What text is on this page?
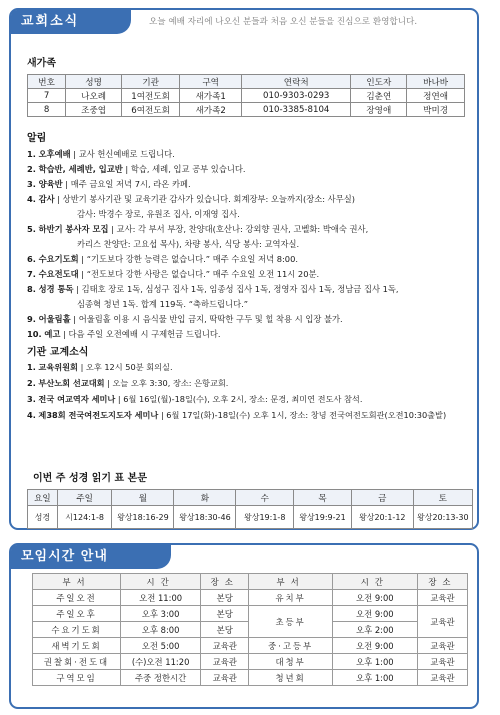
교회소식	오늘 예배 자리에 나오신 분들과 처음 오신 분들을 진심으로 환영합니다.
새가족
번호	성명	기관	구역	연락처	인도자	바나바
7	나오례	1여전도회	새가족1	010-9303-0293	김춘연	정연애
8	조중엽	6여전도회	새가족2	010-3385-8104	장영애	박미경
알림
1. 오후예배 | 교사 헌신예배로 드립니다.
2. 학습반, 세례반, 입교반 | 학습, 세례, 입교 공부 있습니다.
3. 양육반 | 매주 금요일 저녁 7시, 라온 카페.
4. 감사 | 상반기 봉사기관 및 교육기관 감사가 있습니다. 회계장부: 오늘까지(장소: 사무실)
감사: 박경수 장로, 유원조 집사, 이재영 집사.
5. 하반기 봉사자 모집 | 교사: 각 부서 부장, 찬양대(호산나: 강외향 권사, 고벨화: 박애숙 권사,
카리스 찬양단: 고요섭 목사), 차량 봉사, 식당 봉사: 교역자실.
6. 수요기도회 | “기도보다 강한 능력은 없습니다.” 매주 수요일 저녁 8:00.
7. 수요전도대 | “전도보다 강한 사랑은 없습니다.” 매주 수요일 오전 11시 20분.
8. 성경 통독 | 김태호 장로 1독, 심성구 집사 1독, 임종성 집사 1독, 정영자 집사 1독, 정남금 집사 1독,
심종혁 청년 1독. 합계 119독. “축하드립니다.”
9. 어울림홀 | 어울림홀 이용 시 음식물 반입 금지, 딱딱한 구두 및 힐 착용 시 입장 불가.
10. 예고 | 다음 주일 오전예배 시 구제헌금 드립니다.
기관 교계소식
1. 교육위원회 | 오후 12시 50분 회의실.
2. 부산노회 선교대회 | 오늘 오후 3:30, 장소: 은항교회.
3. 전국 여교역자 세미나 | 6월 16일(월)-18일(수), 오후 2시, 장소: 문경, 최미연 전도사 참석.
4. 제38회 전국여전도지도자 세미나 | 6월 17일(화)-18일(수) 오후 1시, 장소: 창녕 전국여전도회관(오전10:30출발)
이번 주 성경 읽기 표 본문
요일	주일	월	화	수	목	금	토
성경	시124:1-8	왕상18:16-29	왕상18:30-46	왕상19:1-8	왕상19:9-21	왕상20:1-12	왕상20:13-30
모임시간 안내
부서	시간	장소	부서	시간	장소
주일오전	오전 11:00	본당	유치부	오전 9:00	교육관
주일오후	오후 3:00	본당	초등부	오전 9:00	교육관
수요기도회	오후 8:00	본당		오후 2:00	
새벽기도회	오전 5:00	교육관	중·고등부	오전 9:00	교육관
권찰회·전도대	(수)오전 11:20	교육관	대청부	오후 1:00	교육관
구역모임	주중 정한시간	교육관	청년회	오후 1:00	교육관
